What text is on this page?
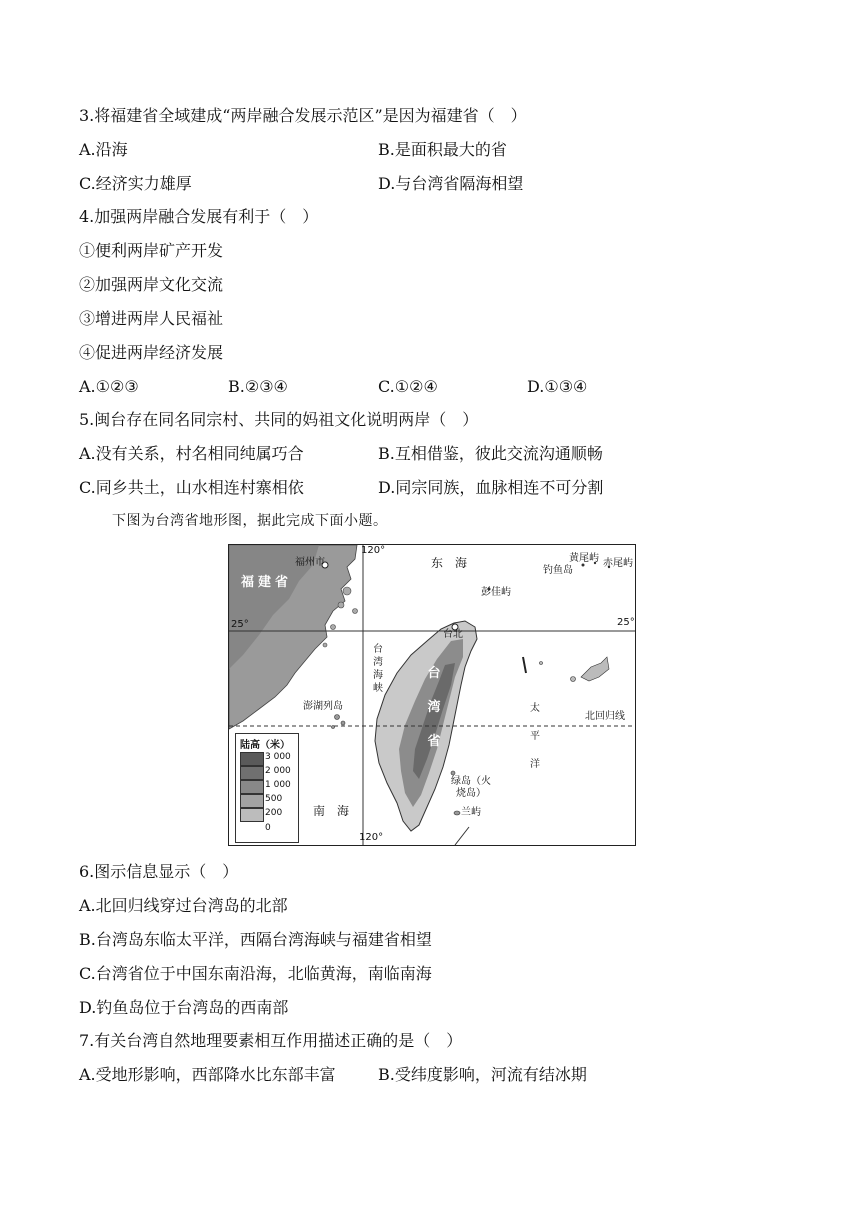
3.将福建省全域建成“两岸融合发展示范区”是因为福建省（　）
A.沿海	B.是面积最大的省
C.经济实力雄厚	D.与台湾省隔海相望
4.加强两岸融合发展有利于（　）
①便利两岸矿产开发
②加强两岸文化交流
③增进两岸人民福祉
④促进两岸经济发展
A.①②③	B.②③④	C.①②④	D.①③④
5.闽台存在同名同宗村、共同的妈祖文化说明两岸（　）
A.没有关系，村名相同纯属巧合	B.互相借鉴，彼此交流沟通顺畅
C.同乡共土，山水相连村寨相依	D.同宗同族，血脉相连不可分割
下图为台湾省地形图，据此完成下面小题。
福州市
福建省
120°
120°
25°	25°
东　海	黄尾屿
钓鱼岛
赤尾屿
彭佳屿
台北
台湾海峡
澎湖列岛
台湾省
太平洋
北回归线
绿岛（火烧岛）
兰屿
南　海
陆高（米）
3 000
2 000
1 000
500
200
0
6.图示信息显示（　）
A.北回归线穿过台湾岛的北部
B.台湾岛东临太平洋，西隔台湾海峡与福建省相望
C.台湾省位于中国东南沿海，北临黄海，南临南海
D.钓鱼岛位于台湾岛的西南部
7.有关台湾自然地理要素相互作用描述正确的是（　）
A.受地形影响，西部降水比东部丰富	B.受纬度影响，河流有结冰期
